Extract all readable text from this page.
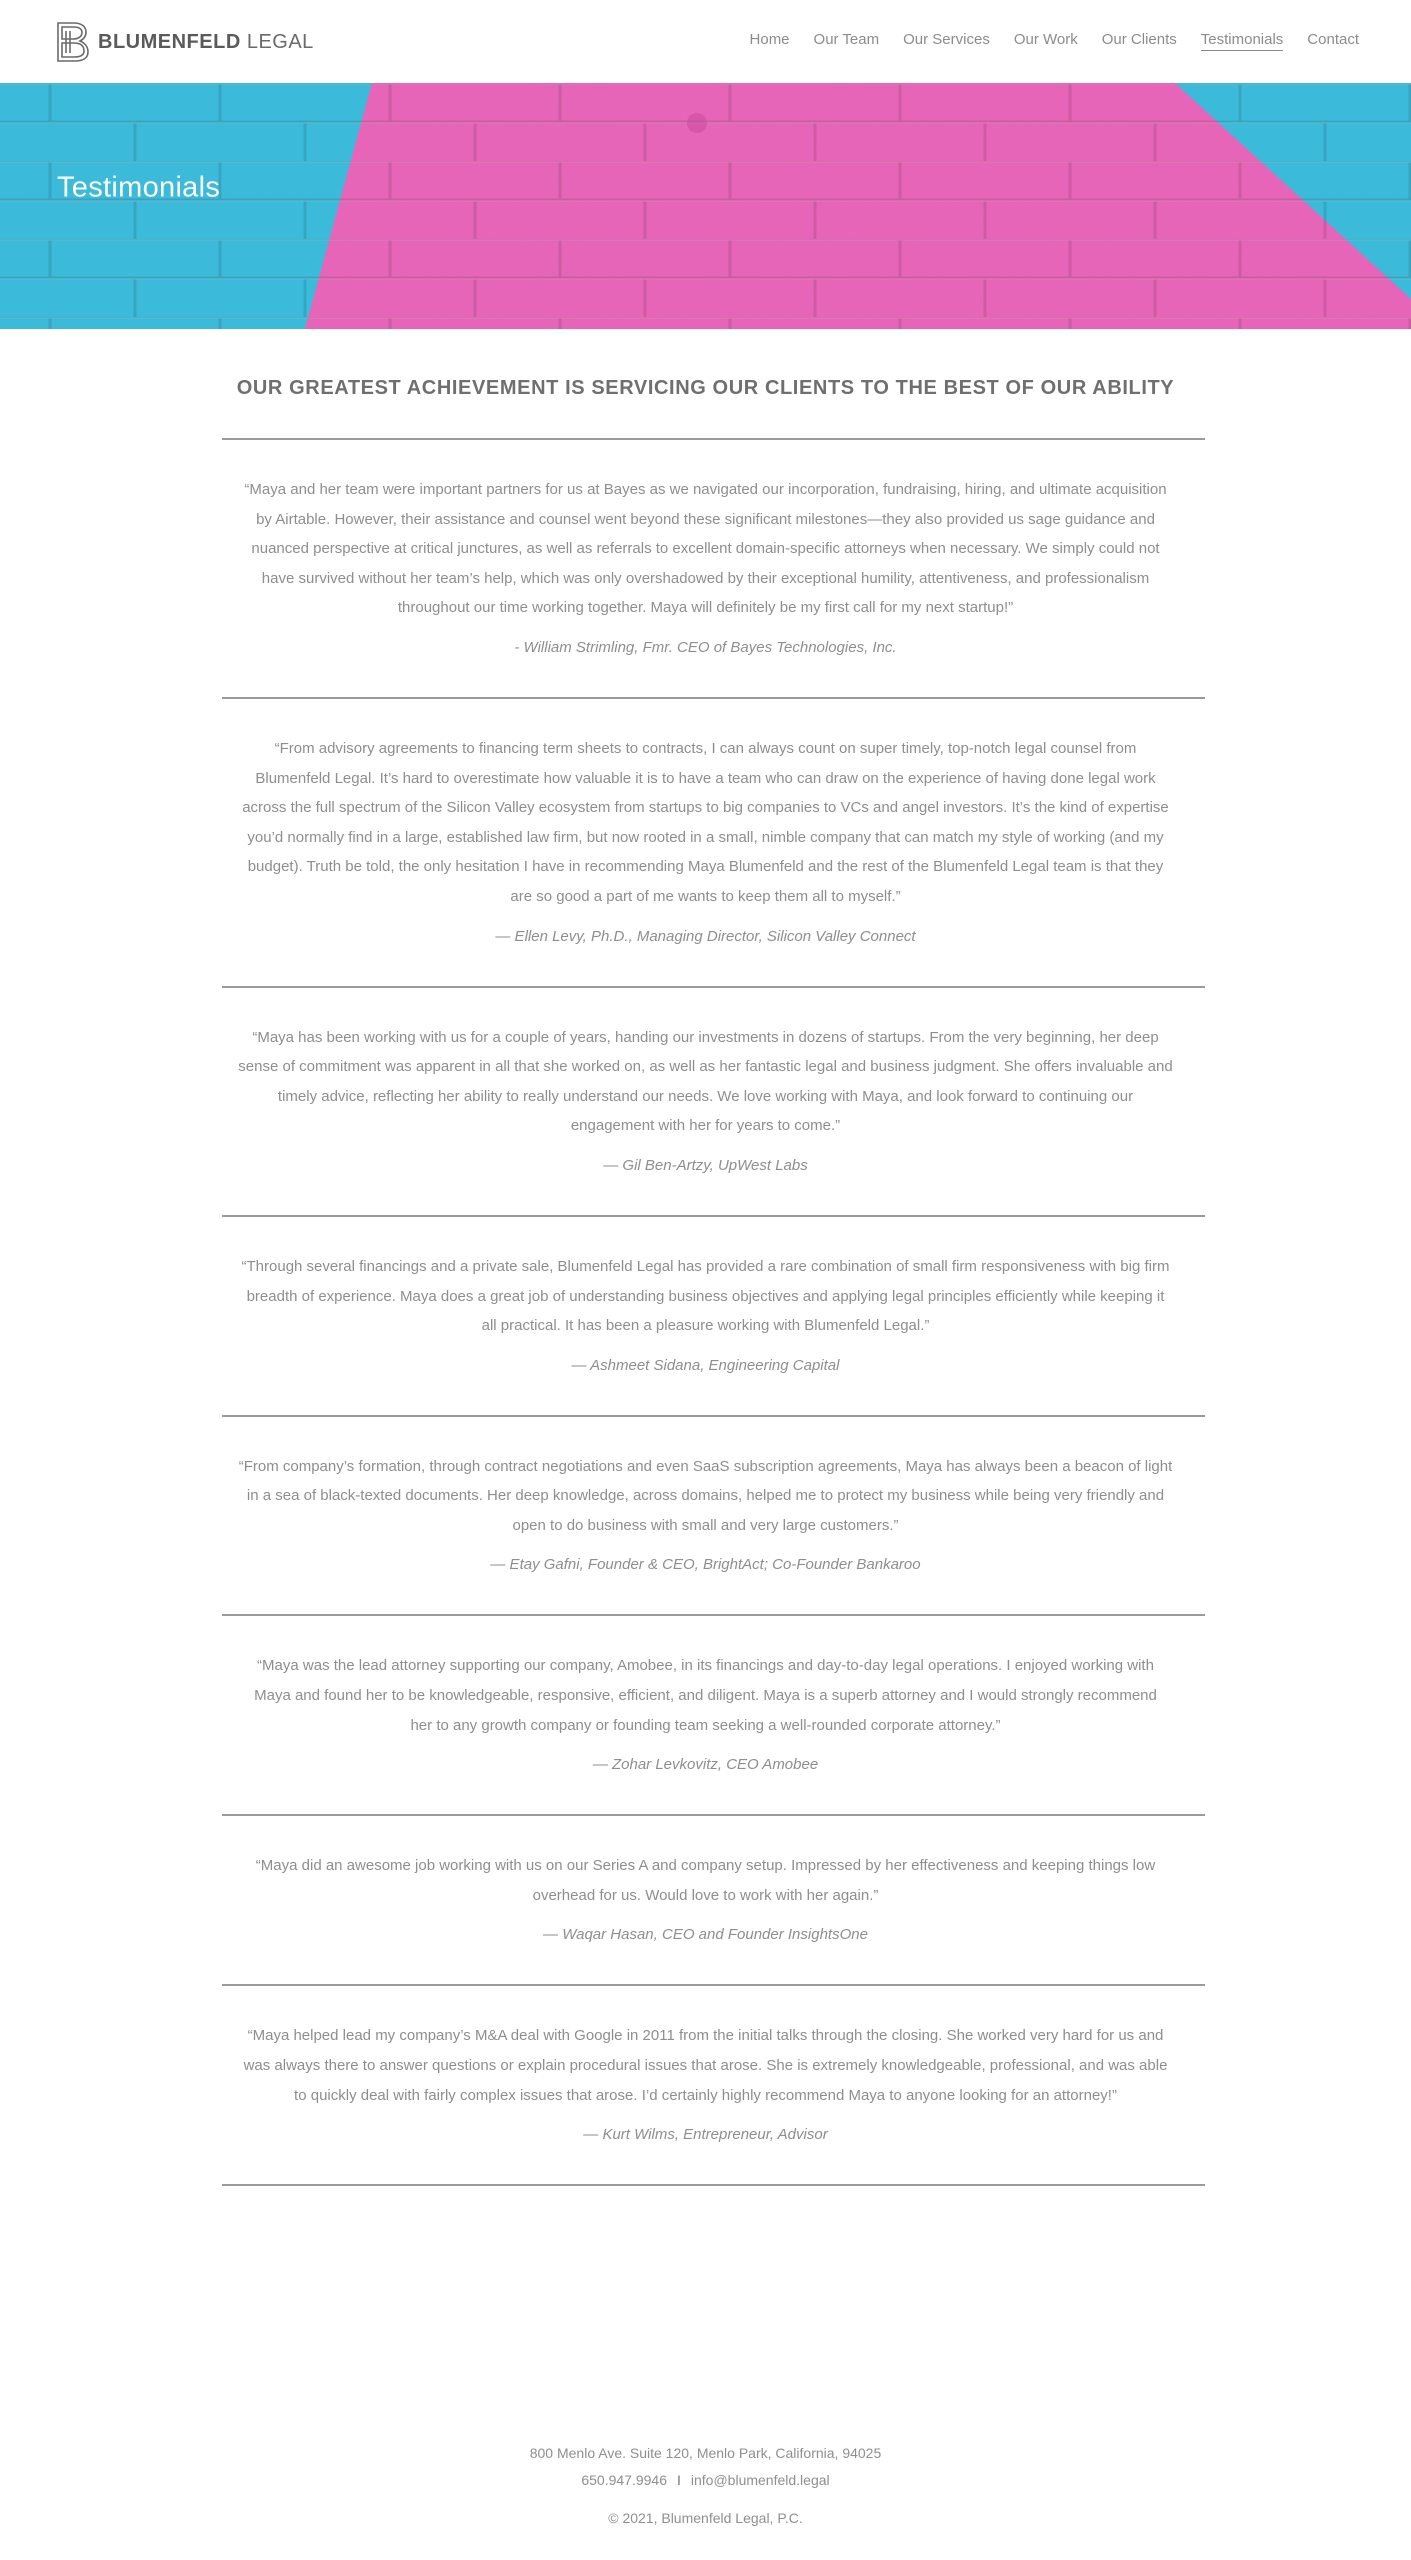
BLUMENFELD LEGAL	Home Our Team Our Services Our Work Our Clients Testimonials Contact
Testimonials
OUR GREATEST ACHIEVEMENT IS SERVICING OUR CLIENTS TO THE BEST OF OUR ABILITY

“Maya and her team were important partners for us at Bayes as we navigated our incorporation, fundraising, hiring, and ultimate acquisition
by Airtable. However, their assistance and counsel went beyond these significant milestones—they also provided us sage guidance and
nuanced perspective at critical junctures, as well as referrals to excellent domain-specific attorneys when necessary. We simply could not
have survived without her team’s help, which was only overshadowed by their exceptional humility, attentiveness, and professionalism
throughout our time working together. Maya will definitely be my first call for my next startup!”

- William Strimling, Fmr. CEO of Bayes Technologies, Inc.

“From advisory agreements to financing term sheets to contracts, I can always count on super timely, top-notch legal counsel from
Blumenfeld Legal. It’s hard to overestimate how valuable it is to have a team who can draw on the experience of having done legal work
across the full spectrum of the Silicon Valley ecosystem from startups to big companies to VCs and angel investors. It’s the kind of expertise
you’d normally find in a large, established law firm, but now rooted in a small, nimble company that can match my style of working (and my
budget). Truth be told, the only hesitation I have in recommending Maya Blumenfeld and the rest of the Blumenfeld Legal team is that they
are so good a part of me wants to keep them all to myself.”

— Ellen Levy, Ph.D., Managing Director, Silicon Valley Connect

“Maya has been working with us for a couple of years, handing our investments in dozens of startups. From the very beginning, her deep
sense of commitment was apparent in all that she worked on, as well as her fantastic legal and business judgment. She offers invaluable and
timely advice, reflecting her ability to really understand our needs. We love working with Maya, and look forward to continuing our
engagement with her for years to come.”

— Gil Ben-Artzy, UpWest Labs

“Through several financings and a private sale, Blumenfeld Legal has provided a rare combination of small firm responsiveness with big firm
breadth of experience. Maya does a great job of understanding business objectives and applying legal principles efficiently while keeping it
all practical. It has been a pleasure working with Blumenfeld Legal.”

— Ashmeet Sidana, Engineering Capital

“From company’s formation, through contract negotiations and even SaaS subscription agreements, Maya has always been a beacon of light
in a sea of black-texted documents. Her deep knowledge, across domains, helped me to protect my business while being very friendly and
open to do business with small and very large customers.”

— Etay Gafni, Founder & CEO, BrightAct; Co-Founder Bankaroo

“Maya was the lead attorney supporting our company, Amobee, in its financings and day-to-day legal operations. I enjoyed working with
Maya and found her to be knowledgeable, responsive, efficient, and diligent. Maya is a superb attorney and I would strongly recommend
her to any growth company or founding team seeking a well-rounded corporate attorney.”

— Zohar Levkovitz, CEO Amobee

“Maya did an awesome job working with us on our Series A and company setup. Impressed by her effectiveness and keeping things low
overhead for us. Would love to work with her again.”

— Waqar Hasan, CEO and Founder InsightsOne

“Maya helped lead my company’s M&A deal with Google in 2011 from the initial talks through the closing. She worked very hard for us and
was always there to answer questions or explain procedural issues that arose. She is extremely knowledgeable, professional, and was able
to quickly deal with fairly complex issues that arose. I’d certainly highly recommend Maya to anyone looking for an attorney!”

— Kurt Wilms, Entrepreneur, Advisor

800 Menlo Ave. Suite 120, Menlo Park, California, 94025
650.947.9946 I info@blumenfeld.legal
© 2021, Blumenfeld Legal, P.C.
